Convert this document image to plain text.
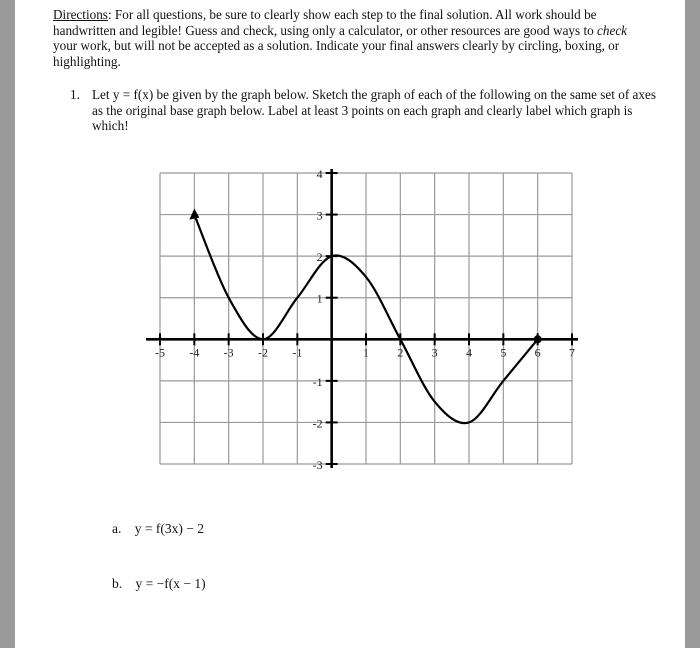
Directions: For all questions, be sure to clearly show each step to the final solution. All work should be handwritten and legible! Guess and check, using only a calculator, or other resources are good ways to check your work, but will not be accepted as a solution. Indicate your final answers clearly by circling, boxing, or highlighting.
1. Let y = f(x) be given by the graph below. Sketch the graph of each of the following on the same set of axes as the original base graph below. Label at least 3 points on each graph and clearly label which graph is which!
-5 -4 -3 -2 -1	1 2 3 4 5 6 7
4
3
2
1
-1
-2
-3
a. y = f(3x) − 2
b. y = −f(x − 1)
